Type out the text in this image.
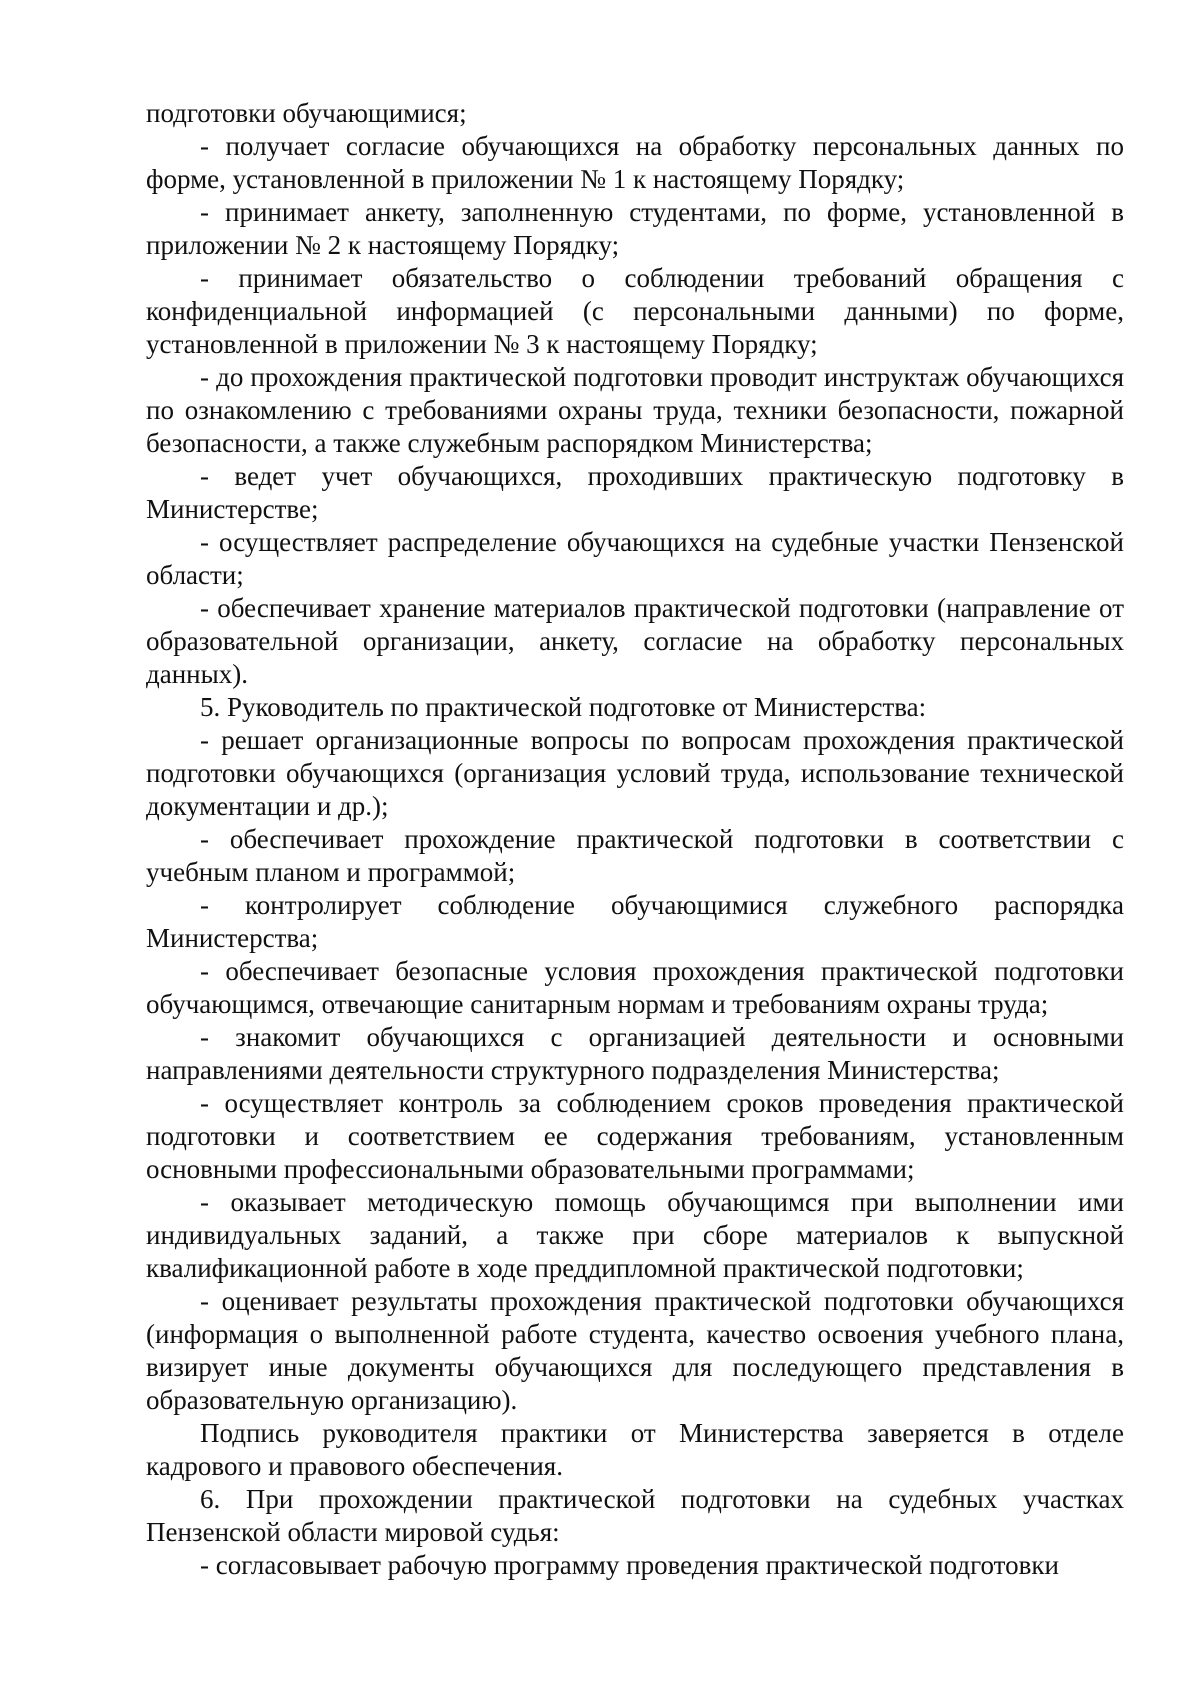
подготовки обучающимися;

- получает согласие обучающихся на обработку персональных данных по форме, установленной в приложении № 1 к настоящему Порядку;

- принимает анкету, заполненную студентами, по форме, установленной в приложении № 2 к настоящему Порядку;

- принимает обязательство о соблюдении требований обращения с конфиденциальной информацией (с персональными данными) по форме, установленной в приложении № 3 к настоящему Порядку;

- до прохождения практической подготовки проводит инструктаж обучающихся по ознакомлению с требованиями охраны труда, техники безопасности, пожарной безопасности, а также служебным распорядком Министерства;

- ведет учет обучающихся, проходивших практическую подготовку в Министерстве;

- осуществляет распределение обучающихся на судебные участки Пензенской области;

- обеспечивает хранение материалов практической подготовки (направление от образовательной организации, анкету, согласие на обработку персональных данных).

5. Руководитель по практической подготовке от Министерства:

- решает организационные вопросы по вопросам прохождения практической подготовки обучающихся (организация условий труда, использование технической документации и др.);

- обеспечивает прохождение практической подготовки в соответствии с учебным планом и программой;

- контролирует соблюдение обучающимися служебного распорядка Министерства;

- обеспечивает безопасные условия прохождения практической подготовки обучающимся, отвечающие санитарным нормам и требованиям охраны труда;

- знакомит обучающихся с организацией деятельности и основными направлениями деятельности структурного подразделения Министерства;

- осуществляет контроль за соблюдением сроков проведения практической подготовки и соответствием ее содержания требованиям, установленным основными профессиональными образовательными программами;

- оказывает методическую помощь обучающимся при выполнении ими индивидуальных заданий, а также при сборе материалов к выпускной квалификационной работе в ходе преддипломной практической подготовки;

- оценивает результаты прохождения практической подготовки обучающихся (информация о выполненной работе студента, качество освоения учебного плана, визирует иные документы обучающихся для последующего представления в образовательную организацию).

Подпись руководителя практики от Министерства заверяется в отделе кадрового и правового обеспечения.

6. При прохождении практической подготовки на судебных участках Пензенской области мировой судья:

- согласовывает рабочую программу проведения практической подготовки
